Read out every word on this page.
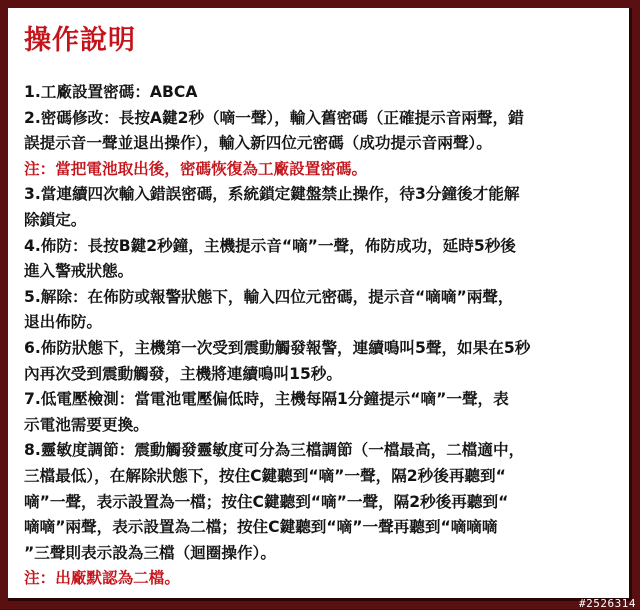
操作說明
1.工廠設置密碼：ABCA
2.密碼修改：長按A鍵2秒（嘀一聲），輸入舊密碼（正確提示音兩聲，錯
誤提示音一聲並退出操作），輸入新四位元密碼（成功提示音兩聲）。
注：當把電池取出後，密碼恢復為工廠設置密碼。
3.當連續四次輸入錯誤密碼，系統鎖定鍵盤禁止操作，待3分鐘後才能解
除鎖定。
4.佈防：長按B鍵2秒鐘，主機提示音“嘀”一聲，佈防成功，延時5秒後
進入警戒狀態。
5.解除：在佈防或報警狀態下，輸入四位元密碼，提示音“嘀嘀”兩聲，
退出佈防。
6.佈防狀態下，主機第一次受到震動觸發報警，連續鳴叫5聲，如果在5秒
內再次受到震動觸發，主機將連續鳴叫15秒。
7.低電壓檢測：當電池電壓偏低時，主機每隔1分鐘提示“嘀”一聲，表
示電池需要更換。
8.靈敏度調節：震動觸發靈敏度可分為三檔調節（一檔最高，二檔適中，
三檔最低），在解除狀態下，按住C鍵聽到“嘀”一聲，隔2秒後再聽到“
嘀”一聲，表示設置為一檔；按住C鍵聽到“嘀”一聲，隔2秒後再聽到“
嘀嘀”兩聲，表示設置為二檔；按住C鍵聽到“嘀”一聲再聽到“嘀嘀嘀
”三聲則表示設為三檔（迴圈操作）。
注：出廠默認為二檔。
#2526314
